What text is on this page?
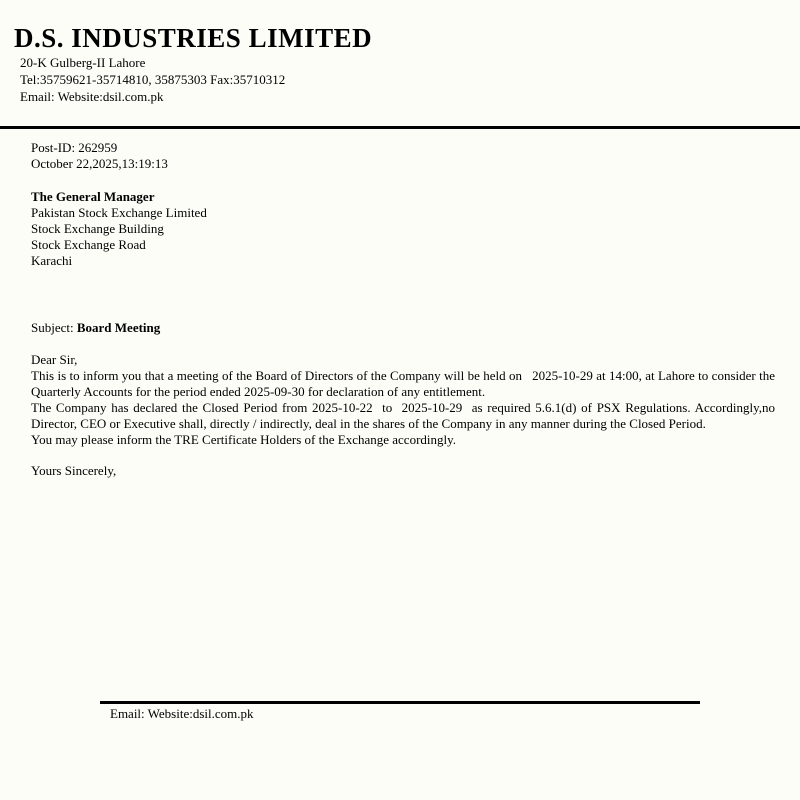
D.S. INDUSTRIES LIMITED
20-K Gulberg-II Lahore
Tel:35759621-35714810, 35875303 Fax:35710312
Email: Website:dsil.com.pk
Post-ID: 262959
October 22,2025,13:19:13
The General Manager
Pakistan Stock Exchange Limited
Stock Exchange Building
Stock Exchange Road
Karachi
Subject: Board Meeting
Dear Sir,

This is to inform you that a meeting of the Board of Directors of the Company will be held on   2025-10-29 at 14:00, at Lahore to consider the Quarterly Accounts for the period ended 2025-09-30 for declaration of any entitlement.

The Company has declared the Closed Period from 2025-10-22  to  2025-10-29  as required 5.6.1(d) of PSX Regulations. Accordingly,no Director, CEO or Executive shall, directly / indirectly, deal in the shares of the Company in any manner during the Closed Period.

You may please inform the TRE Certificate Holders of the Exchange accordingly.

Yours Sincerely,
Email: Website:dsil.com.pk
